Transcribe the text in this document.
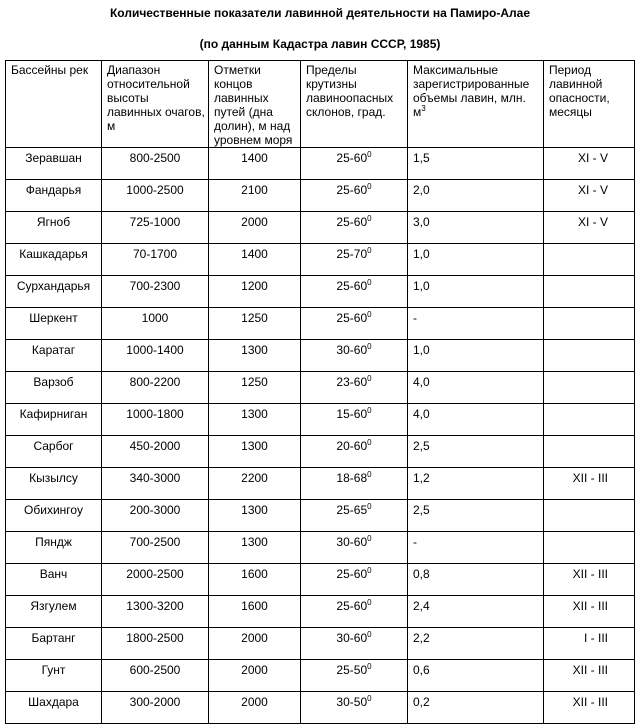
Количественные показатели лавинной деятельности на Памиро-Алае
(по данным Кадастра лавин СССР, 1985)
Бассейны рек	Диапазон относительной высоты лавинных очагов, м	Отметки концов лавинных путей (дна долин), м над уровнем моря	Пределы крутизны лавиноопасных склонов, град.	Максимальные зарегистрированные объемы лавин, млн. $м^3$	Период лавинной опасности, месяцы
Зеравшан	800-2500	1400	$25-60^0$	1,5	XI - V
Фандарья	1000-2500	2100	$25-60^0$	2,0	XI - V
Ягноб	725-1000	2000	$25-60^0$	3,0	XI - V
Кашкадарья	70-1700	1400	$25-70^0$	1,0	
Сурхандарья	700-2300	1200	$25-60^0$	1,0	
Шеркент	1000	1250	$25-60^0$	-	
Каратаг	1000-1400	1300	$30-60^0$	1,0	
Варзоб	800-2200	1250	$23-60^0$	4,0	
Кафирниган	1000-1800	1300	$15-60^0$	4,0	
Сарбог	450-2000	1300	$20-60^0$	2,5	
Кызылсу	340-3000	2200	$18-68^0$	1,2	XII - III
Обихингоу	200-3000	1300	$25-65^0$	2,5	
Пяндж	700-2500	1300	$30-60^0$	-	
Ванч	2000-2500	1600	$25-60^0$	0,8	XII - III
Язгулем	1300-3200	1600	$25-60^0$	2,4	XII - III
Бартанг	1800-2500	2000	$30-60^0$	2,2	I - III
Гунт	600-2500	2000	$25-50^0$	0,6	XII - III
Шахдара	300-2000	2000	$30-50^0$	0,2	XII - III
